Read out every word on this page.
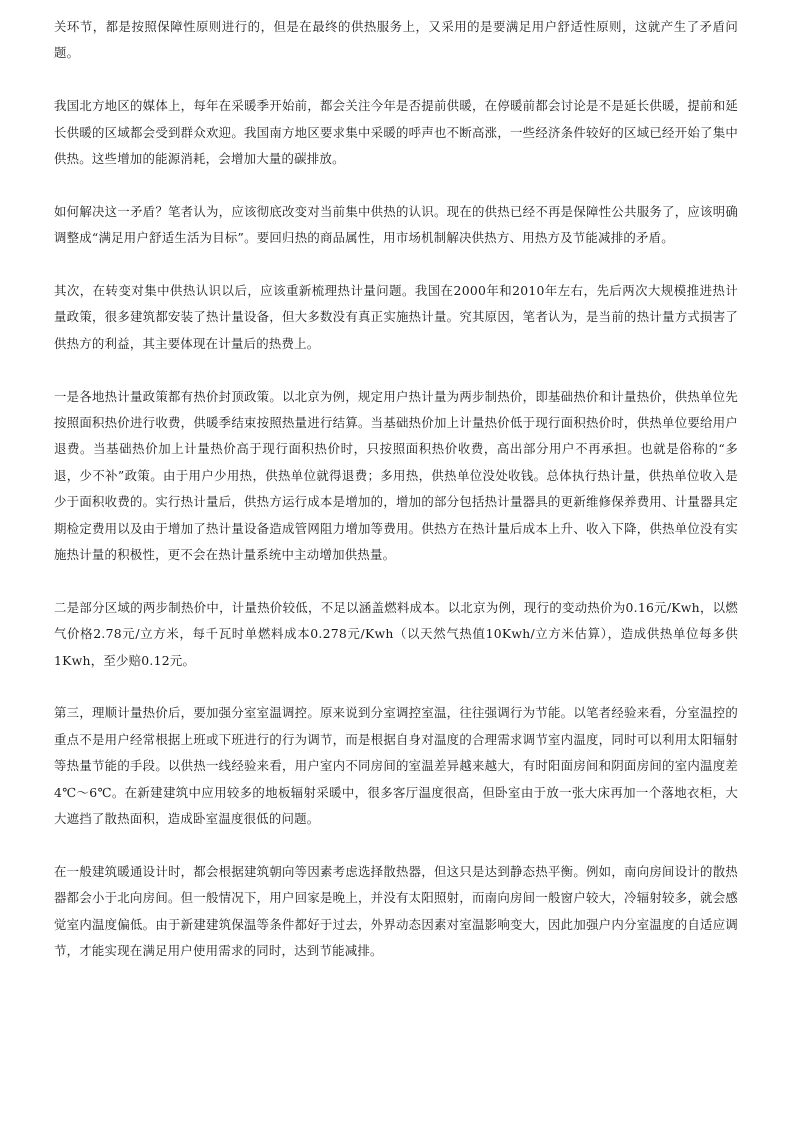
关环节，都是按照保障性原则进行的，但是在最终的供热服务上，又采用的是要满足用户舒适性原则，这就产生了矛盾问题。

我国北方地区的媒体上，每年在采暖季开始前，都会关注今年是否提前供暖，在停暖前都会讨论是不是延长供暖，提前和延长供暖的区域都会受到群众欢迎。我国南方地区要求集中采暖的呼声也不断高涨，一些经济条件较好的区域已经开始了集中供热。这些增加的能源消耗，会增加大量的碳排放。

如何解决这一矛盾？笔者认为，应该彻底改变对当前集中供热的认识。现在的供热已经不再是保障性公共服务了，应该明确调整成“满足用户舒适生活为目标”。要回归热的商品属性，用市场机制解决供热方、用热方及节能减排的矛盾。

其次，在转变对集中供热认识以后，应该重新梳理热计量问题。我国在2000年和2010年左右，先后两次大规模推进热计量政策，很多建筑都安装了热计量设备，但大多数没有真正实施热计量。究其原因，笔者认为，是当前的热计量方式损害了供热方的利益，其主要体现在计量后的热费上。

一是各地热计量政策都有热价封顶政策。以北京为例，规定用户热计量为两步制热价，即基础热价和计量热价，供热单位先按照面积热价进行收费，供暖季结束按照热量进行结算。当基础热价加上计量热价低于现行面积热价时，供热单位要给用户退费。当基础热价加上计量热价高于现行面积热价时，只按照面积热价收费，高出部分用户不再承担。也就是俗称的“多退，少不补”政策。由于用户少用热，供热单位就得退费；多用热，供热单位没处收钱。总体执行热计量，供热单位收入是少于面积收费的。实行热计量后，供热方运行成本是增加的，增加的部分包括热计量器具的更新维修保养费用、计量器具定期检定费用以及由于增加了热计量设备造成管网阻力增加等费用。供热方在热计量后成本上升、收入下降，供热单位没有实施热计量的积极性，更不会在热计量系统中主动增加供热量。

二是部分区域的两步制热价中，计量热价较低，不足以涵盖燃料成本。以北京为例，现行的变动热价为0.16元/Kwh，以燃气价格2.78元/立方米，每千瓦时单燃料成本0.278元/Kwh（以天然气热值10Kwh/立方米估算），造成供热单位每多供1Kwh，至少赔0.12元。

第三，理顺计量热价后，要加强分室室温调控。原来说到分室调控室温，往往强调行为节能。以笔者经验来看，分室温控的重点不是用户经常根据上班或下班进行的行为调节，而是根据自身对温度的合理需求调节室内温度，同时可以利用太阳辐射等热量节能的手段。以供热一线经验来看，用户室内不同房间的室温差异越来越大，有时阳面房间和阴面房间的室内温度差4℃～6℃。在新建建筑中应用较多的地板辐射采暖中，很多客厅温度很高，但卧室由于放一张大床再加一个落地衣柜，大大遮挡了散热面积，造成卧室温度很低的问题。

在一般建筑暖通设计时，都会根据建筑朝向等因素考虑选择散热器，但这只是达到静态热平衡。例如，南向房间设计的散热器都会小于北向房间。但一般情况下，用户回家是晚上，并没有太阳照射，而南向房间一般窗户较大，冷辐射较多，就会感觉室内温度偏低。由于新建建筑保温等条件都好于过去，外界动态因素对室温影响变大，因此加强户内分室温度的自适应调节，才能实现在满足用户使用需求的同时，达到节能减排。
